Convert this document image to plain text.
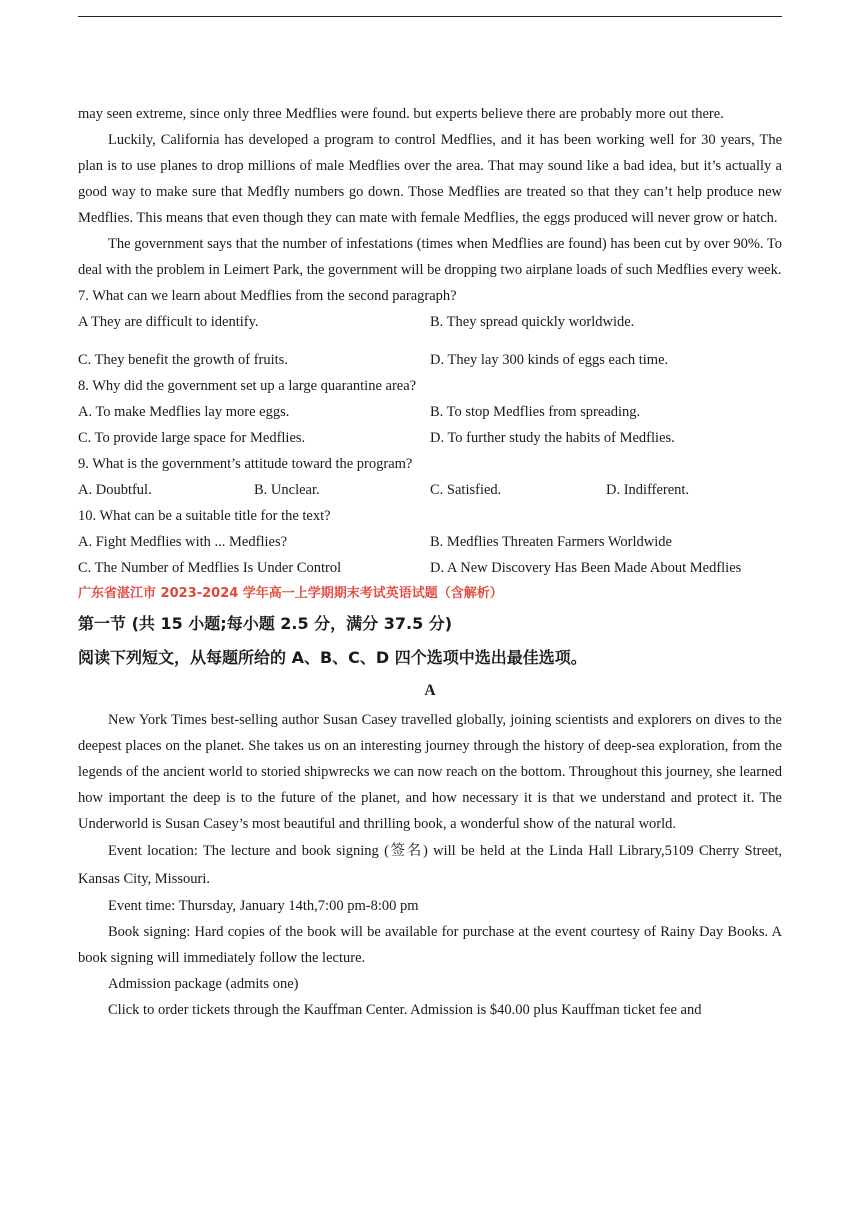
may seen extreme, since only three Medflies were found. but experts believe there are probably more out there.
Luckily, California has developed a program to control Medflies, and it has been working well for 30 years, The plan is to use planes to drop millions of male Medflies over the area. That may sound like a bad idea, but it’s actually a good way to make sure that Medfly numbers go down. Those Medflies are treated so that they can’t help produce new Medflies. This means that even though they can mate with female Medflies, the eggs produced will never grow or hatch.
The government says that the number of infestations (times when Medflies are found) has been cut by over 90%. To deal with the problem in Leimert Park, the government will be dropping two airplane loads of such Medflies every week.
7. What can we learn about Medflies from the second paragraph?
A They are difficult to identify.	B. They spread quickly worldwide.
C. They benefit the growth of fruits.	D. They lay 300 kinds of eggs each time.
8. Why did the government set up a large quarantine area?
A. To make Medflies lay more eggs.	B. To stop Medflies from spreading.
C. To provide large space for Medflies.	D. To further study the habits of Medflies.
9. What is the government’s attitude toward the program?
A. Doubtful.	B. Unclear.	C. Satisfied.	D. Indifferent.
10. What can be a suitable title for the text?
A. Fight Medflies with ... Medflies?	B. Medflies Threaten Farmers Worldwide
C. The Number of Medflies Is Under Control	D. A New Discovery Has Been Made About Medflies
广东省湛江市 2023-2024 学年高一上学期期末考试英语试题（含解析）
第一节 (共 15 小题;每小题 2.5 分，满分 37.5 分)
阅读下列短文，从每题所给的 A、B、C、D 四个选项中选出最佳选项。
A
New York Times best-selling author Susan Casey travelled globally, joining scientists and explorers on dives to the deepest places on the planet. She takes us on an interesting journey through the history of deep-sea exploration, from the legends of the ancient world to storied shipwrecks we can now reach on the bottom. Throughout this journey, she learned how important the deep is to the future of the planet, and how necessary it is that we understand and protect it. The Underworld is Susan Casey’s most beautiful and thrilling book, a wonderful show of the natural world.
Event location: The lecture and book signing (签名) will be held at the Linda Hall Library,5109 Cherry Street, Kansas City, Missouri.
Event time: Thursday, January 14th,7:00 pm-8:00 pm
Book signing: Hard copies of the book will be available for purchase at the event courtesy of Rainy Day Books. A book signing will immediately follow the lecture.
Admission package (admits one)
Click to order tickets through the Kauffman Center. Admission is $40.00 plus Kauffman ticket fee and
